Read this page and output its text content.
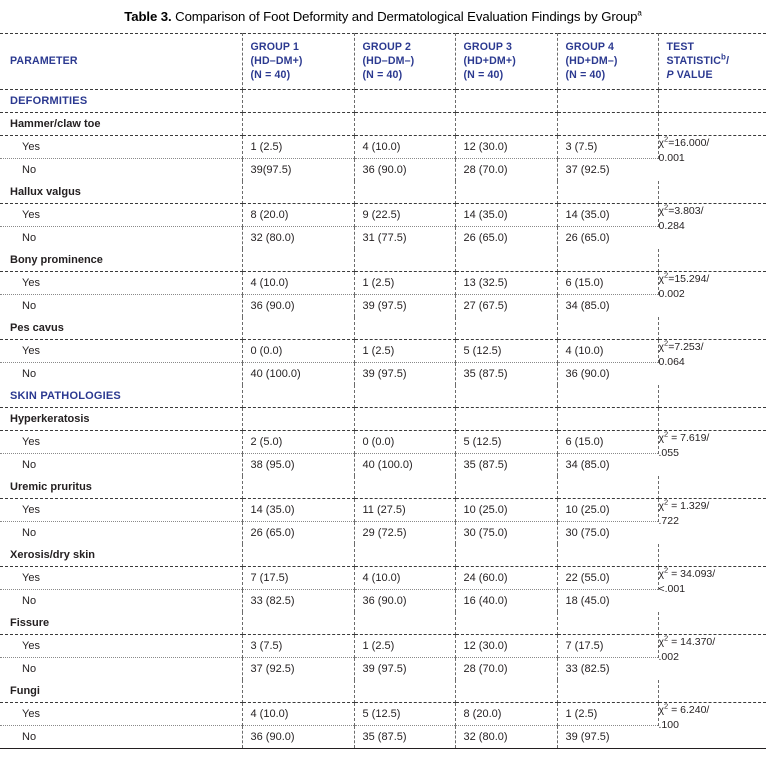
Table 3. Comparison of Foot Deformity and Dermatological Evaluation Findings by Group$^a$
PARAMETER	GROUP 1
(HD–DM+)
(N = 40)	GROUP 2
(HD–DM–)
(N = 40)	GROUP 3
(HD+DM+)
(N = 40)	GROUP 4
(HD+DM–)
(N = 40)	TEST
STATISTIC$^b$/
P VALUE

DEFORMITIES					
Hammer/claw toe					
Yes	1 (2.5)	4 (10.0)	12 (30.0)	3 (7.5)	$\chi^2=16.000/$
0.001

No	39(97.5)	36 (90.0)	28 (70.0)	37 (92.5)	
Hallux valgus					
Yes	8 (20.0)	9 (22.5)	14 (35.0)	14 (35.0)	$\chi^2=3.803/$
0.284

No	32 (80.0)	31 (77.5)	26 (65.0)	26 (65.0)	
Bony prominence					
Yes	4 (10.0)	1 (2.5)	13 (32.5)	6 (15.0)	$\chi^2=15.294/$
0.002

No	36 (90.0)	39 (97.5)	27 (67.5)	34 (85.0)	
Pes cavus					
Yes	0 (0.0)	1 (2.5)	5 (12.5)	4 (10.0)	$\chi^2=7.253/$
0.064

No	40 (100.0)	39 (97.5)	35 (87.5)	36 (90.0)	
SKIN PATHOLOGIES					
Hyperkeratosis					
Yes	2 (5.0)	0 (0.0)	5 (12.5)	6 (15.0)	$\chi^2 = 7.619/$
.055

No	38 (95.0)	40 (100.0)	35 (87.5)	34 (85.0)	
Uremic pruritus					
Yes	14 (35.0)	11 (27.5)	10 (25.0)	10 (25.0)	$\chi^2 = 1.329/$
.722

No	26 (65.0)	29 (72.5)	30 (75.0)	30 (75.0)	
Xerosis/dry skin					
Yes	7 (17.5)	4 (10.0)	24 (60.0)	22 (55.0)	$\chi^2 = 34.093/$
<.001

No	33 (82.5)	36 (90.0)	16 (40.0)	18 (45.0)	
Fissure					
Yes	3 (7.5)	1 (2.5)	12 (30.0)	7 (17.5)	$\chi^2 = 14.370/$
.002

No	37 (92.5)	39 (97.5)	28 (70.0)	33 (82.5)	
Fungi					
Yes	4 (10.0)	5 (12.5)	8 (20.0)	1 (2.5)	$\chi^2 = 6.240/$
.100

No	36 (90.0)	35 (87.5)	32 (80.0)	39 (97.5)	
